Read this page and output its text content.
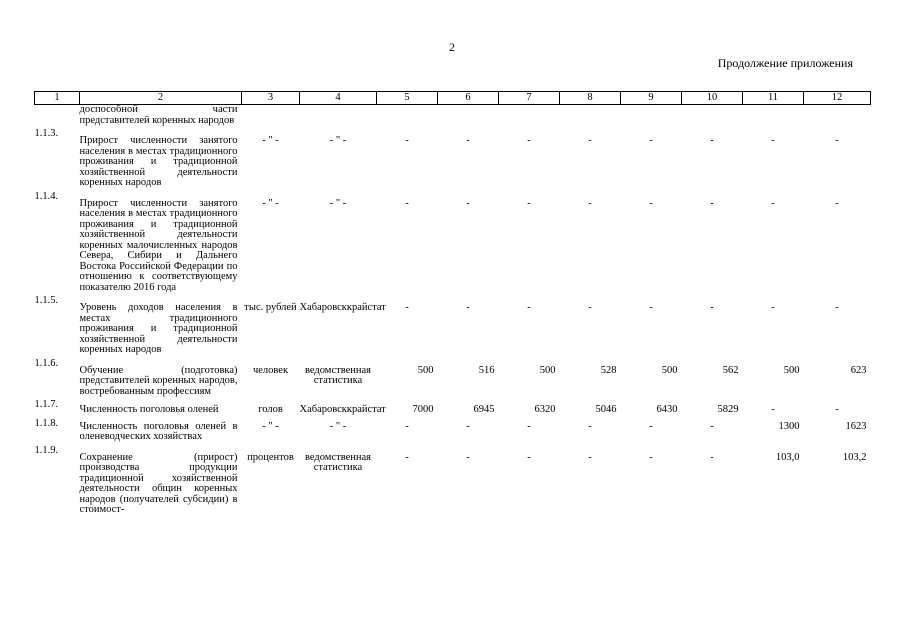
2
Продолжение приложения
1	2	3	4	5	6	7	8	9	10	11	12
	доспособной части представителей коренных народов										
1.1.3.	Прирост численности занятого населения в местах традиционного проживания и традиционной хозяйственной деятельности коренных народов	- " -	- " -	-	-	-	-	-	-	-	-
1.1.4.	Прирост численности занятого населения в местах традиционного проживания и традиционной хозяйственной деятельности коренных малочисленных народов Севера, Сибири и Дальнего Востока Российской Федерации по отношению к соответствующему показателю 2016 года	- " -	- " -	-	-	-	-	-	-	-	-
1.1.5.	Уровень доходов населения в местах традиционного проживания и традиционной хозяйственной деятельности коренных народов	тыс. рублей	Хабаровсккрайстат	-	-	-	-	-	-	-	-
1.1.6.	Обучение (подготовка) представителей коренных народов, востребованным профессиям	человек	ведомственная статистика	500	516	500	528	500	562	500	623
1.1.7.	Численность поголовья оленей	голов	Хабаровсккрайстат	7000	6945	6320	5046	6430	5829	-	-
1.1.8.	Численность поголовья оленей в оленеводческих хозяйствах	- " -	- " -	-	-	-	-	-	-	1300	1623
1.1.9.	Сохранение (прирост) производства продукции традиционной хозяйственной деятельности общин коренных народов (получателей субсидии) в стоимост-	процентов	ведомственная статистика	-	-	-	-	-	-	103,0	103,2
